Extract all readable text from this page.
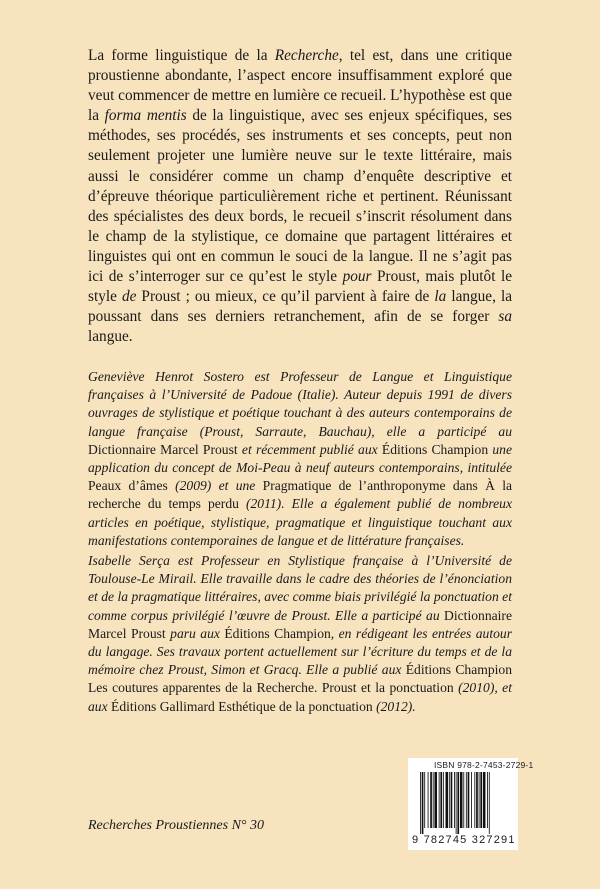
La forme linguistique de la Recherche, tel est, dans une critique proustienne abondante, l’aspect encore insuffisamment exploré que veut commencer de mettre en lumière ce recueil. L’hypothèse est que la forma mentis de la linguistique, avec ses enjeux spécifiques, ses méthodes, ses procédés, ses instruments et ses concepts, peut non seulement projeter une lumière neuve sur le texte littéraire, mais aussi le considérer comme un champ d’enquête descriptive et d’épreuve théorique particulièrement riche et pertinent. Réunissant des spécialistes des deux bords, le recueil s’inscrit résolument dans le champ de la stylistique, ce domaine que partagent littéraires et linguistes qui ont en commun le souci de la langue. Il ne s’agit pas ici de s’interroger sur ce qu’est le style pour Proust, mais plutôt le style de Proust ; ou mieux, ce qu’il parvient à faire de la langue, la poussant dans ses derniers retranchement, afin de se forger sa langue.

Geneviève Henrot Sostero est Professeur de Langue et Linguistique françaises à l’Université de Padoue (Italie). Auteur depuis 1991 de divers ouvrages de stylistique et poétique touchant à des auteurs contemporains de langue française (Proust, Sarraute, Bauchau), elle a participé au Dictionnaire Marcel Proust et récemment publié aux Éditions Champion une application du concept de Moi-Peau à neuf auteurs contemporains, intitulée Peaux d’âmes (2009) et une Pragmatique de l’anthroponyme dans À la recherche du temps perdu (2011). Elle a également publié de nombreux articles en poétique, stylistique, pragmatique et linguistique touchant aux manifestations contemporaines de langue et de littérature françaises.

Isabelle Serça est Professeur en Stylistique française à l’Université de Toulouse-Le Mirail. Elle travaille dans le cadre des théories de l’énonciation et de la pragmatique littéraires, avec comme biais privilégié la ponctuation et comme corpus privilégié l’œuvre de Proust. Elle a participé au Dictionnaire Marcel Proust paru aux Éditions Champion, en rédigeant les entrées autour du langage. Ses travaux portent actuellement sur l’écriture du temps et de la mémoire chez Proust, Simon et Gracq. Elle a publié aux Éditions Champion Les coutures apparentes de la Recherche. Proust et la ponctuation (2010), et aux Éditions Gallimard Esthétique de la ponctuation (2012).

Recherches Proustiennes N° 30

ISBN 978-2-7453-2729-1
9 782745 327291
